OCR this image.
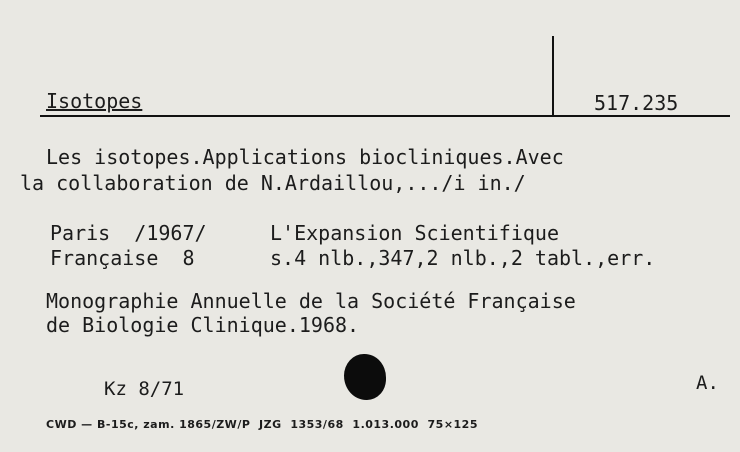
Isotopes	517.235
Les isotopes.Applications biocliniques.Avec
la collaboration de N.Ardaillou,.../i in./
Paris  /1967/	L'Expansion Scientifique
Française  8	s.4 nlb.,347,2 nlb.,2 tabl.,err.
Monographie Annuelle de la Société Française
de Biologie Clinique.1968.
Kz 8/71	A.
CWD — B-15c, zam. 1865/ZW/P  JZG  1353/68  1.013.000  75×125
